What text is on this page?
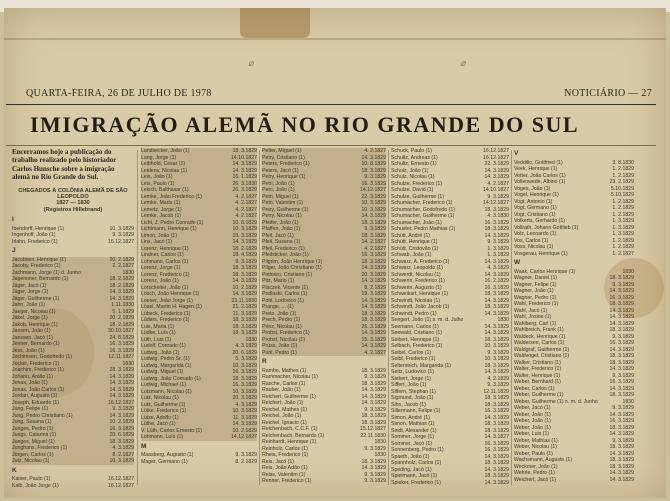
⌀	⌀
QUARTA-FEIRA, 26 DE JULHO DE 1978	NOTICIÁRIO — 27
IMIGRAÇÃO ALEMÃ NO RIO GRANDE DO SUL
Encerramos hoje a publicação do trabalho realizado pelo historiador Carlos Hunsche sobre a imigração alemã no Rio Grande do Sul.
CHEGADOS À COLÔNIA ALEMÃ DE SÃO LEOPOLDO
1827 — 1830
(Registros Hillebrand)
I
Ibendorff, Henrique (1)	10. 3.1829
Ingenhoff, João (1)	9. 3.1829
Irlahn, Frederico (1)	16.12.1827
J
Jacobsen, Henrique (1)	20. 2.1829
Jacoby, Frederico (1)	2. 2.1827
Jachmann, Jorge (1) d. Junho	1830
Jagenoner, Bernardo (1)	18. 2.1829
Jäger, Jacó (1)	18. 2.1829
Jäger, Jorge (1)	14. 3.1829
Jäger, Guilherme (1)	14. 3.1829
Jahn, João (1)	1.11.1830
Jaeger, Nicolau (1)	5. 1.1829
Jäkel, Jorge (1)	20. 2.1829
Jakob, Henrique (1)	18. 2.1829
Jansen, João (1)	30.10.1827
Janssen, Jacó (1)	24. 8.1829
Jenner, Bernardo (1)	16. 3.1829
Jess, João (1)	16. 3.1829
Jochimsen, Godofredo (1)	12.11.1827
Jockel, Frederico (1)	1830
Joachim, Frederico (1)	28. 3.1829
Johann, Antão (1)	14. 3.1829
Jonas, João (1)	14. 3.1829
Jonas, João Carlos (1)	14. 3.1829
Jordan, Augusto (1)	14. 3.1829
Joseph, Eduardo (1)	16.12.1827
Jung, Felipe (1)	9. 3.1829
Jung, Pedro Christiano (1)	14. 3.1829
Jung, Susana (1)	10. 2.1829
Junges, Pedro (1)	16. 3.1829
Jungs, Catarina (1)	20. 6.1829
Junges, Miguel (1)	18. 3.1829
Junghans, Frederico (1)	4. 3.1829
Jürgen, Carlos (1)	8. 2.1827
Jutz, Nicolau (1)	10. 3.1829
K
Kaiser, Paulo (1)	16.12.1827
Kalb, João Jorge (1)	16.12.1827
Landsecker, João (1)	18. 3.1829
Lang, Jorge (1)	14.10.1827
Leibhold, Cesar (1)	14. 3.1829
Leidens, Nicolau (1)	14. 3.1829
Leis, João (1)	16. 1.1829
Leis, Paulo (1)	26. 3.1830
Leisch, Balthasar (1)	26. 3.1829
Lemke, João Frederico (1)	4. 2.1827
Lemke, Maria (1)	4. 2.1827
Lemetz, Jorge (1)	4. 2.1827
Lemke, Jacob (1)	4. 2.1827
Licht, J. Pedro Conrado (1)	10. 8.1829
Lichtmann, Henrique (1)	10. 3.1829
Limon, João (1)	19. 3.1829
Lins, Jacó (1)	14. 3.1829
Lorenz, Henrique (1)	18. 2.1829
Lindner, Carlos (1)	18. 4.1829
Lohmann, Carlos (1)	9. 3.1829
Lorenz, Jorge (1)	18. 3.1829
Lorenz, Frederico (1)	18. 3.1829
Lorenz, João (1)	14. 3.1829
Lorscheiter, João (1)	10. 2.1829
Lösch, João Henrique (1)	14. 3.1829
Loeser, João Jorge (1)	23.11.1830
Lösel, Martin H. Hagen (1)	21. 2.1829
Lübeck, Frederico (1)	11. 3.1829
Lüders, Frederico (1)	18. 3.1829
Luis, Maria (1)	18. 3.1829
Lüdke, Luís (1)	18. 3.1829
Lüth, Luis (1)	1830
Ludolf, Conrado (1)	4. 3.1829
Ludwig, João (1)	20. 6.1829
Ludwig, Pedro Sr. (1)	5. 3.1829
Ludwig, Margarida (1)	10. 3.1829
Ludwig, Miguel (1)	16. 3.1829
Ludwig, João Conrado (1)	18. 3.1829
Ludwig, Michael (1)	16. 3.1829
Lutzmann, Nicolau (1)	10. 3.1829
Lutz, Nicolau (1)	20. 3.1829
Lutz, Guilherme (1)	4. 3.1829
Lütke, Frederico (1)	10. 3.1829
Lütze, Adolfo (1)	11. 3.1829
Lüthe, Jacó (1)	14. 3.1829
V. Lüth, Carlos Ernesto (1)	10. 2.1829
Lohmann, Luís (1)	14.12.1827
M
Maasberg, Augusto (1)	9. 3.1829
Mager, Germano (1)	8. 2.1829
Petter, Miguel (1)	4. 2.1827
Petry, Cristiano (1)	14. 3.1829
Peters, Frederico (1)	10. 8.1829
Peters, Jacó (1)	18. 3.1829
Petry, Henrique (1)	9. 3.1829
Petri, João (1)	16. 3.1829
Petri, João (1)	14.12.1827
Petri, Miguel (1)	22. 3.1829
Petri, Valentim (1)	10. 3.1829
Petry, Guilherme (1)	10. 3.1829
Petry, Nicolau (1)	14. 3.1829
Pfeifer, João (1)	18. 3.1829
Pfaffen, João (1)	9. 3.1829
Pfeil, Jacó (1)	18. 3.1829
Pfeil, Susana (1)	14. 2.1827
Pfeil, Frederico (1)	4. 2.1827
Pfeilsticker, João (1)	16. 3.1829
Pilgrim, João Henrique (1)	18. 3.1829
Pilger, João Christiano (1)	14. 3.1829
Pinheiro, Cristiano (1)	20. 3.1829
Pitz, Mario (1)	14. 3.1829
Placzek, Vicente (1)	8. 2.1829
Podlaski, Carlos (1)	19. 3.1829
Pohl, Lodovico (1)	14. 3.1829
Prange, ... (1)	14. 3.1829
Preto, João (1)	18. 3.1829
Prech, Pedro (1)	18. 3.1829
Prinz, Nicolau (1)	26. 3.1829
Probst, Frederico (1)	14. 3.1829
Probst, Nicolau (1)	15. 3.1829
Prüss, João (1)	14. 3.1829
Puhl, Pedro (1)	4. 2.1827
R
Rambo, Mathes (1)	18. 3.1829
Rammacher, Nicolau (1)	9. 3.1829
Rasche, Carlos (1)	18. 3.1829
Rauber, João (1)	14. 3.1829
Reichert, Guilherme (1)	14. 3.1829
Reichert, João (1)	14. 3.1829
Reichel, Mathes (1)	9. 3.1829
Reichel, João (1)	18. 3.1829
Reichel, Ignacio (1)	18. 3.1829
Reichenbach, C.C.F. (1)	15.12.1827
Reichenbach, Bernardo (1)	22.11.1830
Reinhardt, Henrique (1)	1830
Reinholz, Carlos (1)	9. 3.1829
Rheia, Frederico (1)	1830
Reis, Jacó (1)	18. 3.1829
Reis, João Adão (1)	14. 3.1829
Reiss, Valentim (1)	9. 3.1829
Renner, Frederico (1)	9. 3.1829
Schuck, Paulo (1)	16.12.1827
Schultz, Andreas (1)	16.12.1827
Schultz, Ernesto (1)	22. 3.1829
Schulz, João (1)	14. 3.1829
Schulz, Nicolau (1)	14. 3.1829
Schulze, Frederico (1)	4. 2.1827
Schulze, David (1)	14.10.1827
Schulze, Guilherme (1)	9. 3.1829
Schumacher, Frederico (1)	14.12.1827
Schumacher, Godofredo (1)	18. 3.1829
Schumacher, Guilherme (1)	4. 3.1830
Schumacher, João (1)	16. 3.1829
Schuster, Pedro Mathias (1)	18. 3.1829
Schütt, André (1)	14. 3.1829
Schütt, Henrique (1)	9. 3.1829
Schütt, Cristovão (1)	1. 3.1829
Schwab, João (1)	1. 3.1829
Schwarz, A. Frederico (1)	14. 3.1829
Schwarz, Leopoldo (1)	4. 3.1829
Schwerdt, Nicolau (1)	14. 3.1829
Schwerin, Frederico (1)	16. 2.1829
Schwerin, Augusto (1)	16. 3.1829
Schweikart, Henrique (1)	18. 3.1829
Schwindt, Nicolau (1)	14. 3.1829
Schwindt, João Jacob (1)	18. 3.1829
Schwindt, Pedro (1)	14. 3.1829
Seegert, João (1) s. m. d. Julho	1830
Seemann, Carlos (1)	14. 3.1829
Seewald, Cristiano (1)	14. 3.1829
Seibert, Henrique (1)	18. 3.1829
Selbach, Frederico (1)	10. 3.1829
Seibel, Carlos (1)	9. 3.1829
Seibt, Frederico (1)	10. 3.1829
Seltenreich, Margarida (1)	18. 3.1829
Seitz, Ludovico (1)	14. 3.1829
Siebert, Jorge (1)	4. 2.1829
Siffert, João (1)	9. 3.1829
Siffern, Stephan (1)	12.11.1829
Sigmund, João (1)	18. 3.1829
Sihn, Jacob (1)	18. 3.1829
Sillermann, Felipe (1)	16. 3.1829
Simon, André (1)	14. 3.1829
Simon, Mathias (1)	18. 3.1829
Sindt, Alexander (1)	18. 3.1829
Sommer, Jorge (1)	14. 3.1827
Sommer, Jacó (1)	16. 3.1829
Sonnenberg, Pedro (1)	16. 3.1829
Spaeth, João (1)	14. 3.1829
Spannholz, Carlos (1)	18. 3.1829
Speding, Jacó (1)	14. 3.1829
Spielmann, Jacó (1)	18. 3.1829
Spieker, Frederico (1)	14. 3.1829
V
Veddillo, Gottfried (1)	3. 8.1830
Veek, Henrique (1)	1. 2.1829
Vetter, João Carlos (1)	1. 2.1829
Vollenwede, Albino (1)	23. 2.1829
Voges, João (1)	5.10.1829
Vogel, Henrique (1)	5.10.1829
Vogt, Antonio (1)	1. 2.1829
Vogt, Germano (1)	1. 2.1829
Vogt, Cristiano (1)	1. 2.1829
Volkerts, Gerhardo (1)	1. 3.1829
Vollrath, Johann Gottlieb (1)	1. 3.1829
Volz, Leonardo (1)	1. 3.1829
Vos, Carlos (1)	1. 2.1829
Voss, Nicolau (1)	1. 2.1829
Vosgerau, Henrique (1)	1. 2.1827
W
Waak, Carlos Henrique (1)	1830
Wagner, Daniel (1)	18. 3.1829
Wagner, Felipe (1)	9. 3.1829
Wagner, João (1)	14. 3.1829
Wagner, Pedro (1)	16. 3.1829
Wahl, Frederico (1)	18. 3.1829
Wahl, Jacó (1)	14. 3.1829
Wahl, Josine (1)	14. 3.1829
Wahlberg, Carl (1)	14. 3.1829
Wahlbreich, Frank (1)	18. 3.1829
Waldeck, Henrique (1)	9. 3.1829
Waldersee, Carlos (1)	16. 3.1829
Waldgraf, Guilherme (1)	14. 3.1829
Waldvogel, Cristiano (1)	18. 3.1829
Walker, Cristiano (1)	18. 3.1829
Walter, Frederico (1)	14. 3.1829
Walter, Henrique (1)	9. 3.1829
Weber, Bernhard (1)	16. 3.1829
Weber, Carlos (1)	14. 3.1829
Weber, Guilherme (1)	18. 3.1829
Weber, Guilherme (1) n. m. d. Junho	1830
Weber, Jacó (1)	9. 3.1829
Weber, João (1)	14. 3.1829
Weber, João (1)	16. 3.1829
Weber, João (1)	18. 3.1829
Weber, Luis (1)	14. 3.1829
Weber, Mathias (1)	9. 3.1829
Weber, Nicolau (1)	18. 3.1829
Weber, Paulo (1)	14. 3.1829
Wachsmann, Augusto (1)	18. 3.1829
Weckmer, João (1)	18. 3.1829
Wehrle, Pedro (1)	14. 3.1829
Weichert, Jacó (1)	14. 3.1829
